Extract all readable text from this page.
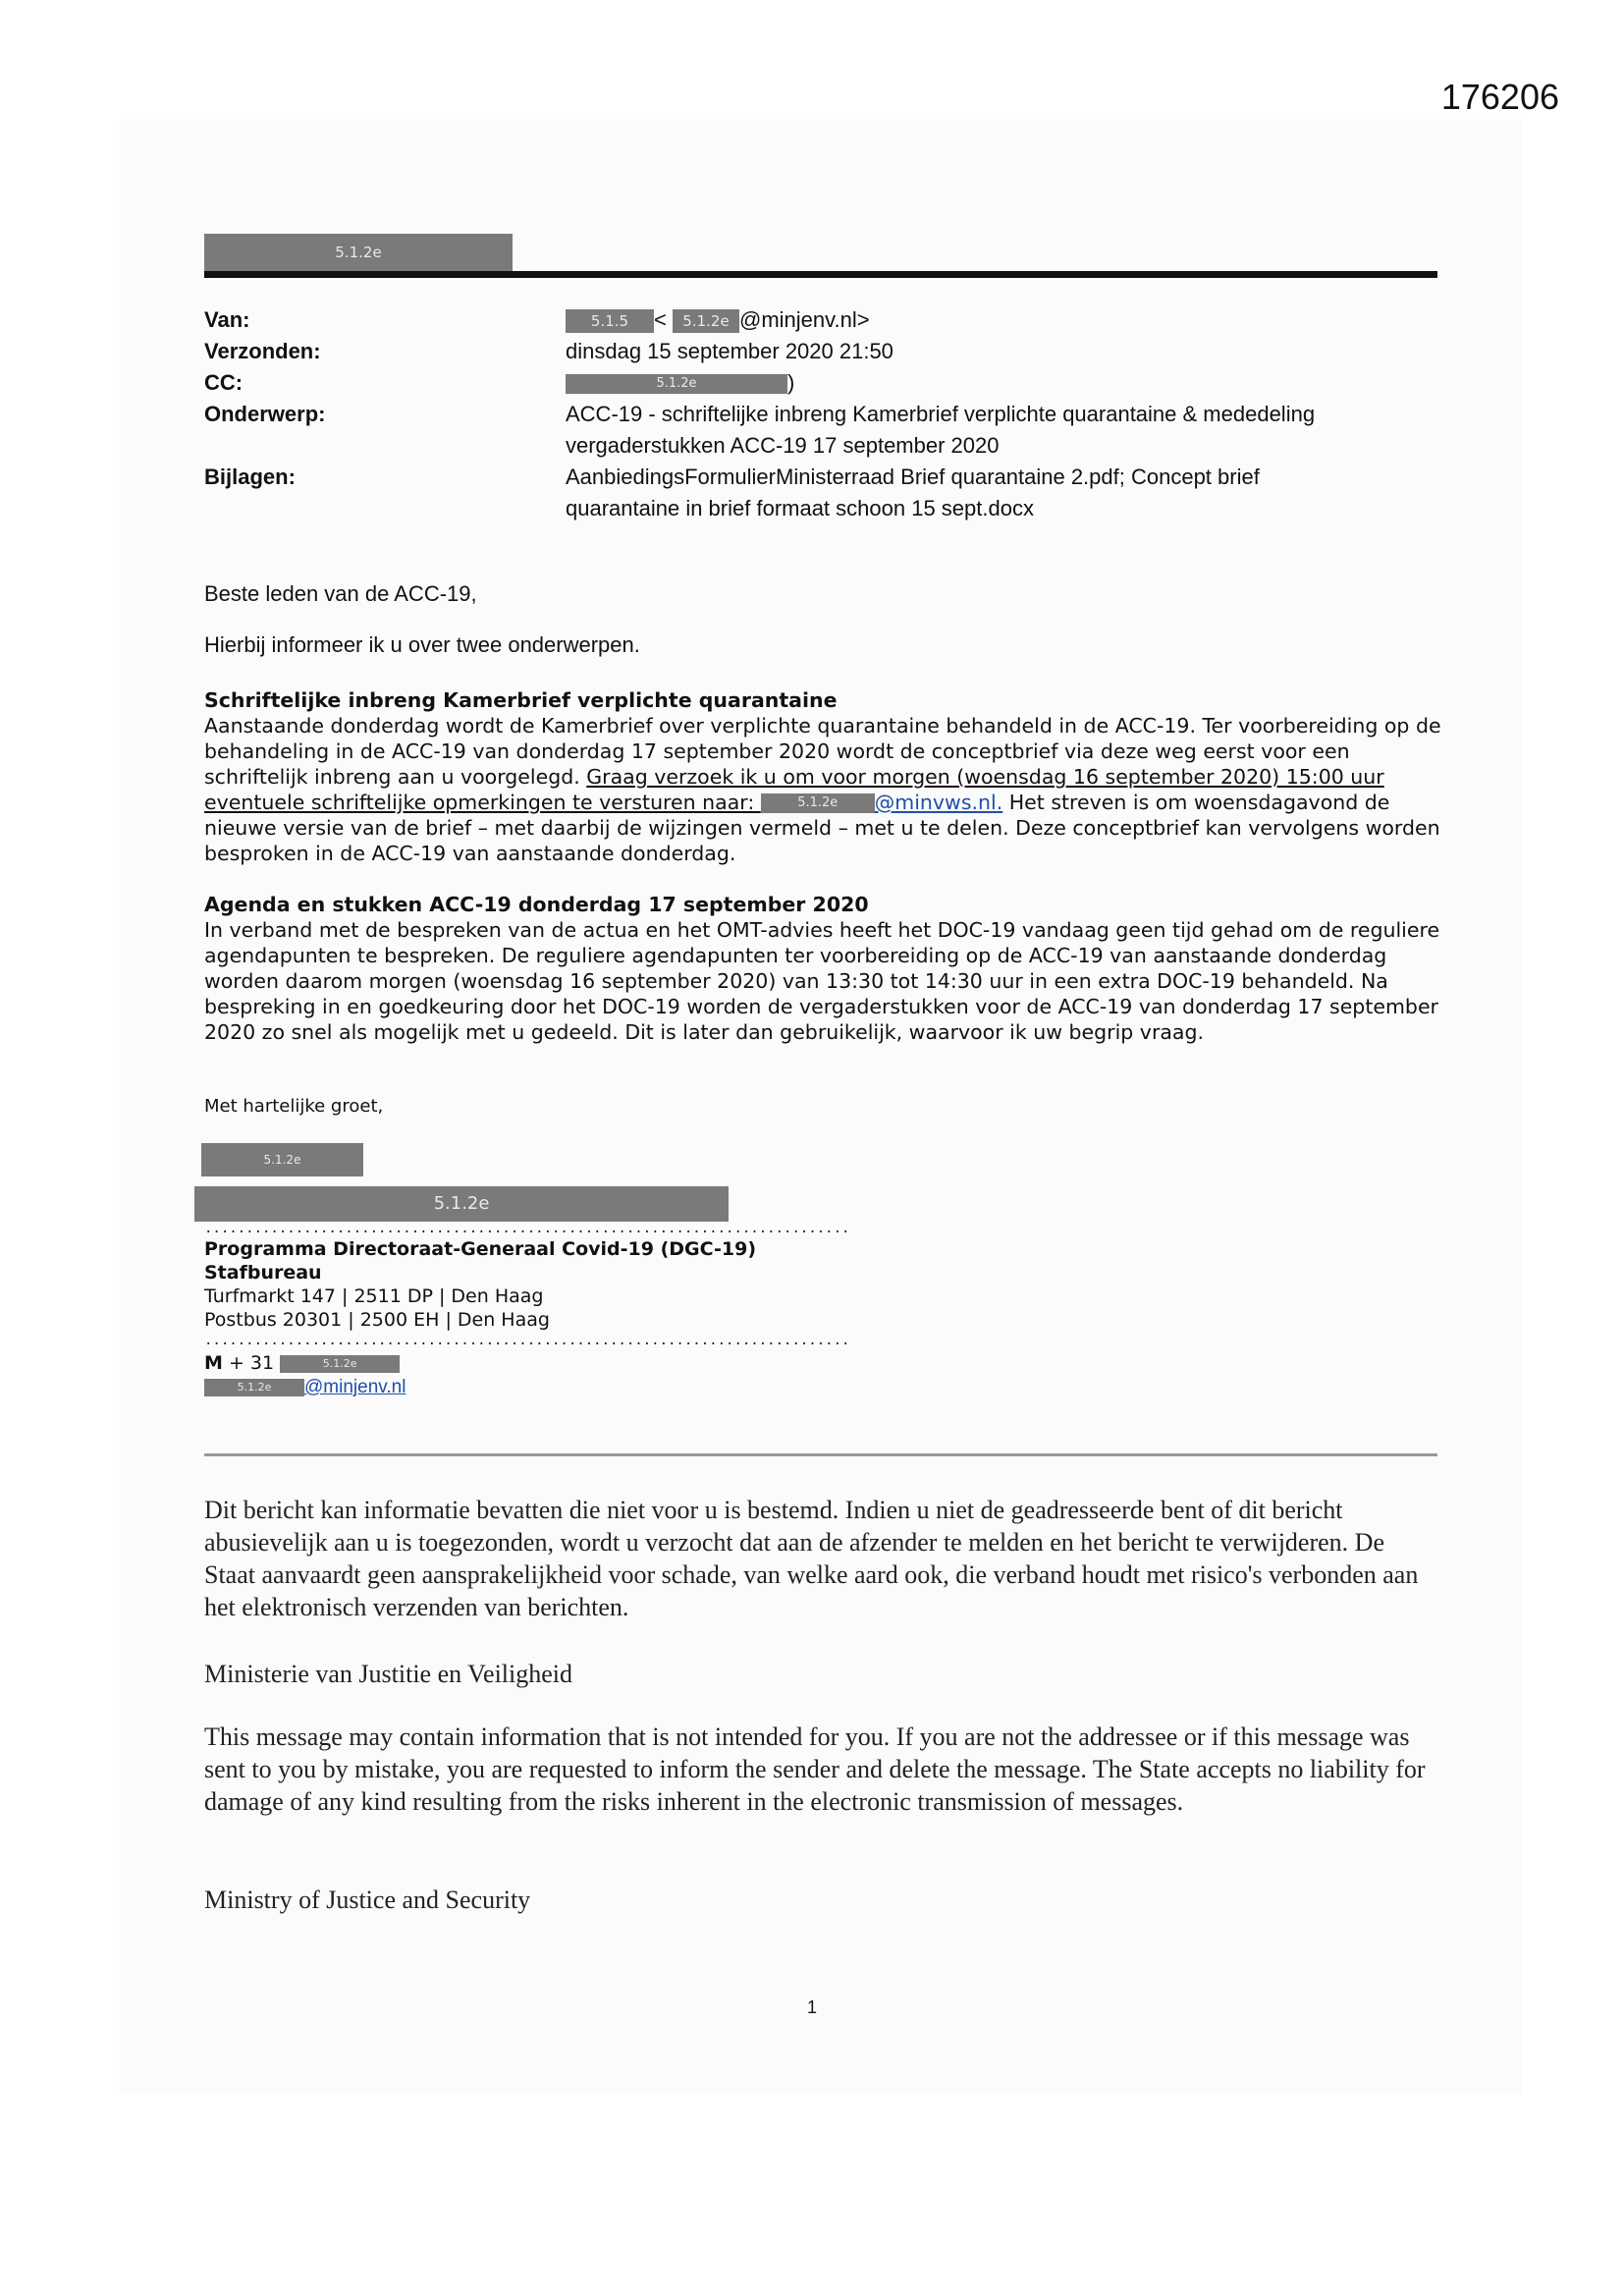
176206
5.1.2e
Van:	5.1.5 < 5.1.2e @minjenv.nl>
Verzonden:	dinsdag 15 september 2020 21:50
CC:	5.1.2e	)
Onderwerp:	ACC-19 - schriftelijke inbreng Kamerbrief verplichte quarantaine & mededeling
vergaderstukken ACC-19 17 september 2020
Bijlagen:	AanbiedingsFormulierMinisterraad Brief quarantaine 2.pdf; Concept brief
quarantaine in brief formaat schoon 15 sept.docx
Beste leden van de ACC-19,
Hierbij informeer ik u over twee onderwerpen.
Schriftelijke inbreng Kamerbrief verplichte quarantaine
Aanstaande donderdag wordt de Kamerbrief over verplichte quarantaine behandeld in de ACC-19. Ter voorbereiding op de behandeling in de ACC-19 van donderdag 17 september 2020 wordt de conceptbrief via deze weg eerst voor een schriftelijk inbreng aan u voorgelegd. Graag verzoek ik u om voor morgen (woensdag 16 september 2020) 15:00 uur eventuele schriftelijke opmerkingen te versturen naar:	5.1.2e @minvws.nl. Het streven is om woensdagavond de nieuwe versie van de brief – met daarbij de wijzingen vermeld – met u te delen. Deze conceptbrief kan vervolgens worden besproken in de ACC-19 van aanstaande donderdag.
Agenda en stukken ACC-19 donderdag 17 september 2020
In verband met de bespreken van de actua en het OMT-advies heeft het DOC-19 vandaag geen tijd gehad om de reguliere agendapunten te bespreken. De reguliere agendapunten ter voorbereiding op de ACC-19 van aanstaande donderdag worden daarom morgen (woensdag 16 september 2020) van 13:30 tot 14:30 uur in een extra DOC-19 behandeld. Na bespreking in en goedkeuring door het DOC-19 worden de vergaderstukken voor de ACC-19 van donderdag 17 september 2020 zo snel als mogelijk met u gedeeld. Dit is later dan gebruikelijk, waarvoor ik uw begrip vraag.
Met hartelijke groet,
5.1.2e
5.1.2e
..............................................................................
Programma Directoraat-Generaal Covid-19 (DGC-19)
Stafbureau
Turfmarkt 147 | 2511 DP | Den Haag
Postbus 20301 | 2500 EH | Den Haag
..............................................................................
M + 31	5.1.2e
5.1.2e @minjenv.nl
Dit bericht kan informatie bevatten die niet voor u is bestemd. Indien u niet de geadresseerde bent of dit bericht abusievelijk aan u is toegezonden, wordt u verzocht dat aan de afzender te melden en het bericht te verwijderen. De Staat aanvaardt geen aansprakelijkheid voor schade, van welke aard ook, die verband houdt met risico's verbonden aan het elektronisch verzenden van berichten.
Ministerie van Justitie en Veiligheid
This message may contain information that is not intended for you. If you are not the addressee or if this message was sent to you by mistake, you are requested to inform the sender and delete the message. The State accepts no liability for damage of any kind resulting from the risks inherent in the electronic transmission of messages.
Ministry of Justice and Security
1
